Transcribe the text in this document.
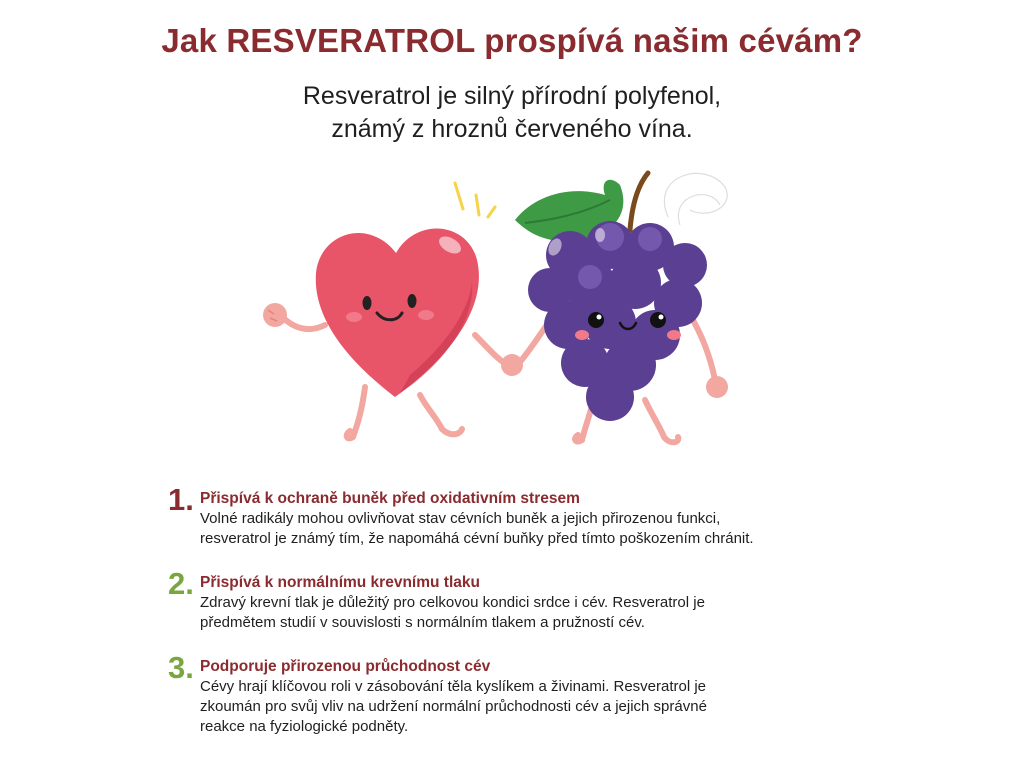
Jak RESVERATROL prospívá našim cévám?
Resveratrol je silný přírodní polyfenol,
známý z hroznů červeného vína.
1. Přispívá k ochraně buněk před oxidativním stresem
Volné radikály mohou ovlivňovat stav cévních buněk a jejich přirozenou funkci,
resveratrol je známý tím, že napomáhá cévní buňky před tímto poškozením chránit.
2. Přispívá k normálnímu krevnímu tlaku
Zdravý krevní tlak je důležitý pro celkovou kondici srdce i cév. Resveratrol je
předmětem studií v souvislosti s normálním tlakem a pružností cév.
3. Podporuje přirozenou průchodnost cév
Cévy hrají klíčovou roli v zásobování těla kyslíkem a živinami. Resveratrol je
zkoumán pro svůj vliv na udržení normální průchodnosti cév a jejich správné
reakce na fyziologické podněty.
